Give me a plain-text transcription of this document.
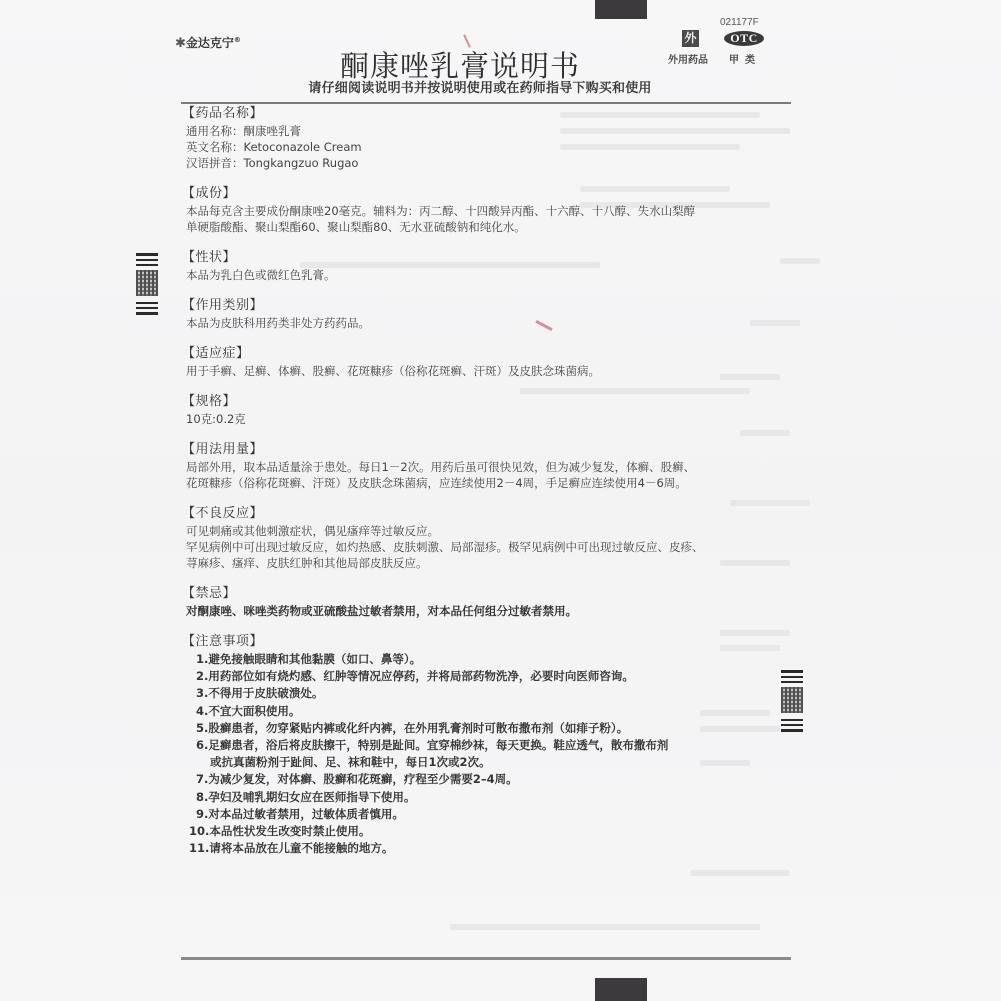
✱金达克宁®
021177F
外
外用药品
OTC
甲类
酮康唑乳膏说明书
请仔细阅读说明书并按说明使用或在药师指导下购买和使用
【药品名称】
通用名称：酮康唑乳膏
英文名称：Ketoconazole Cream
汉语拼音：Tongkangzuo Rugao
【成份】
本品每克含主要成份酮康唑20毫克。辅料为：丙二醇、十四酸异丙酯、十六醇、十八醇、失水山梨醇
单硬脂酸酯、聚山梨酯60、聚山梨酯80、无水亚硫酸钠和纯化水。
【性状】
本品为乳白色或微红色乳膏。
【作用类别】
本品为皮肤科用药类非处方药药品。
【适应症】
用于手癣、足癣、体癣、股癣、花斑糠疹（俗称花斑癣、汗斑）及皮肤念珠菌病。
【规格】
10克:0.2克
【用法用量】
局部外用，取本品适量涂于患处。每日1－2次。用药后虽可很快见效，但为减少复发，体癣、股癣、
花斑糠疹（俗称花斑癣、汗斑）及皮肤念珠菌病，应连续使用2－4周，手足癣应连续使用4－6周。
【不良反应】
可见刺痛或其他刺激症状，偶见瘙痒等过敏反应。
罕见病例中可出现过敏反应，如灼热感、皮肤刺激、局部湿疹。极罕见病例中可出现过敏反应、皮疹、
荨麻疹、瘙痒、皮肤红肿和其他局部皮肤反应。
【禁忌】
对酮康唑、咪唑类药物或亚硫酸盐过敏者禁用，对本品任何组分过敏者禁用。
【注意事项】
1.避免接触眼睛和其他黏膜（如口、鼻等）。
2.用药部位如有烧灼感、红肿等情况应停药，并将局部药物洗净，必要时向医师咨询。
3.不得用于皮肤破溃处。
4.不宜大面积使用。
5.股癣患者，勿穿紧贴内裤或化纤内裤，在外用乳膏剂时可散布撒布剂（如痱子粉）。
6.足癣患者，浴后将皮肤擦干，特别是趾间。宜穿棉纱袜，每天更换。鞋应透气，散布撒布剂
或抗真菌粉剂于趾间、足、袜和鞋中，每日1次或2次。
7.为减少复发，对体癣、股癣和花斑癣，疗程至少需要2–4周。
8.孕妇及哺乳期妇女应在医师指导下使用。
9.对本品过敏者禁用，过敏体质者慎用。
10.本品性状发生改变时禁止使用。
11.请将本品放在儿童不能接触的地方。
